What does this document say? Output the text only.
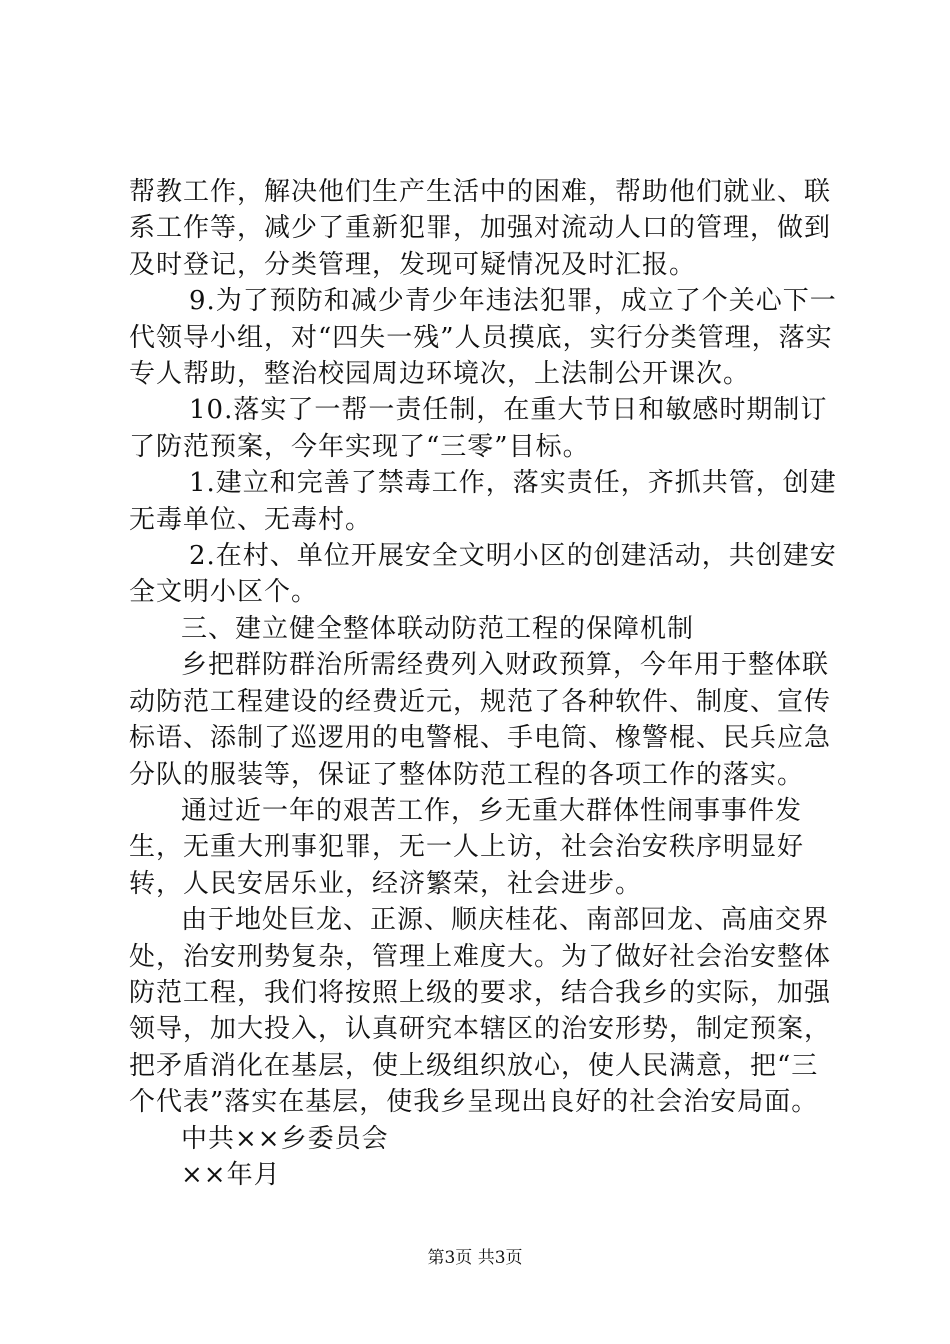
帮教工作，解决他们生产生活中的困难，帮助他们就业、联系工作等，减少了重新犯罪，加强对流动人口的管理，做到及时登记，分类管理，发现可疑情况及时汇报。

9.为了预防和减少青少年违法犯罪，成立了个关心下一代领导小组，对“四失一残”人员摸底，实行分类管理，落实专人帮助，整治校园周边环境次，上法制公开课次。

10.落实了一帮一责任制，在重大节日和敏感时期制订了防范预案，今年实现了“三零”目标。

1.建立和完善了禁毒工作，落实责任，齐抓共管，创建无毒单位、无毒村。

2.在村、单位开展安全文明小区的创建活动，共创建安全文明小区个。

三、建立健全整体联动防范工程的保障机制

乡把群防群治所需经费列入财政预算，今年用于整体联动防范工程建设的经费近元，规范了各种软件、制度、宣传标语、添制了巡逻用的电警棍、手电筒、橡警棍、民兵应急分队的服装等，保证了整体防范工程的各项工作的落实。

通过近一年的艰苦工作，乡无重大群体性闹事事件发生，无重大刑事犯罪，无一人上访，社会治安秩序明显好转，人民安居乐业，经济繁荣，社会进步。

由于地处巨龙、正源、顺庆桂花、南部回龙、高庙交界处，治安刑势复杂，管理上难度大。为了做好社会治安整体防范工程，我们将按照上级的要求，结合我乡的实际，加强领导，加大投入，认真研究本辖区的治安形势，制定预案，把矛盾消化在基层，使上级组织放心，使人民满意，把“三个代表”落实在基层，使我乡呈现出良好的社会治安局面。

中共××乡委员会

××年月

第3页 共3页
